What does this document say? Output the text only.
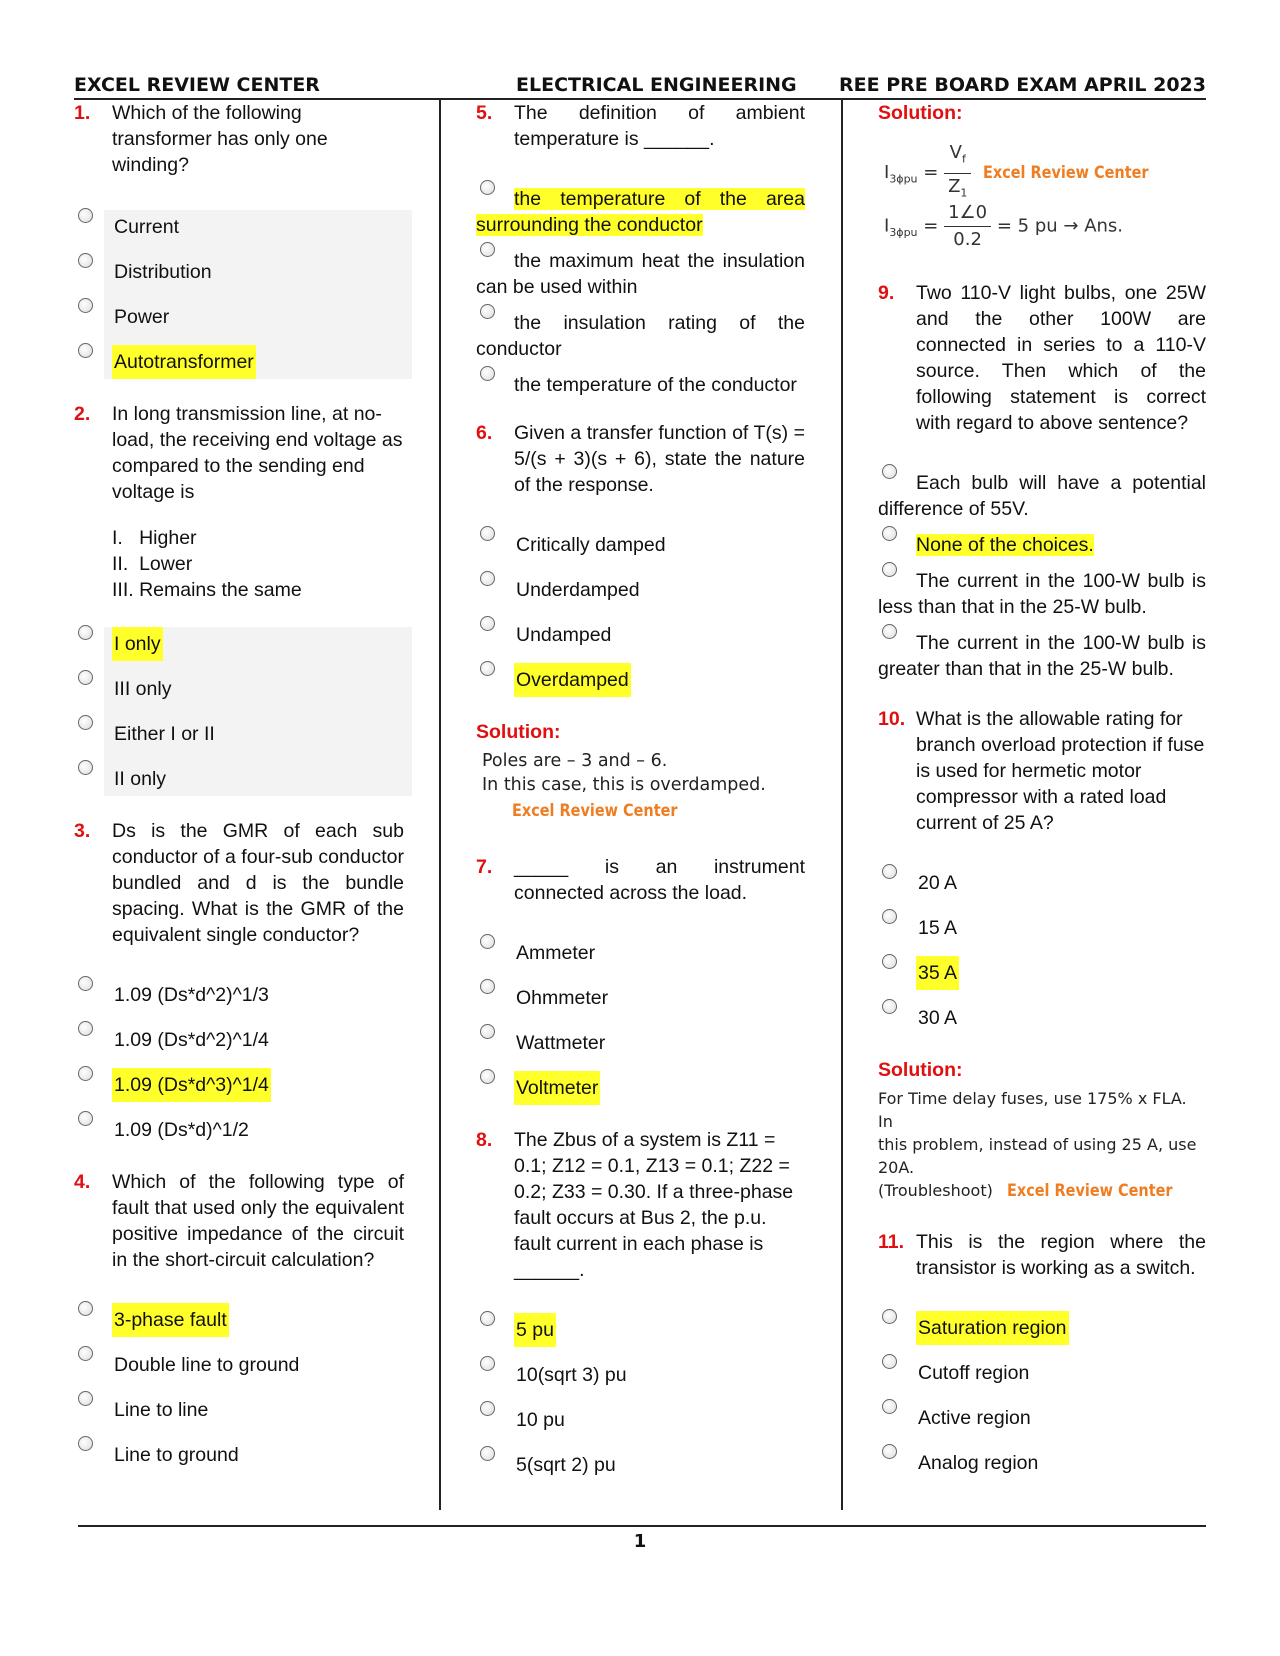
EXCEL REVIEW CENTER	ELECTRICAL ENGINEERING REE PRE BOARD EXAM APRIL 2023
1. Which of the following transformer has only one winding?
Current
Distribution
Power
Autotransformer
2. In long transmission line, at no-load, the receiving end voltage as compared to the sending end voltage is
I.   Higher
II.  Lower
III. Remains the same
I only
III only
Either I or II
II only
3. Ds is the GMR of each sub conductor of a four-sub conductor bundled and d is the bundle spacing. What is the GMR of the equivalent single conductor?
1.09 (Ds*d^2)^1/3
1.09 (Ds*d^2)^1/4
1.09 (Ds*d^3)^1/4
1.09 (Ds*d)^1/2
4. Which of the following type of fault that used only the equivalent positive impedance of the circuit in the short-circuit calculation?
3-phase fault
Double line to ground
Line to line
Line to ground
5. The definition of ambient temperature is ______.
the temperature of the area surrounding the conductor
the maximum heat the insulation can be used within
the insulation rating of the conductor
the temperature of the conductor
6. Given a transfer function of T(s) = 5/(s + 3)(s + 6), state the nature of the response.
Critically damped
Underdamped
Undamped
Overdamped
Solution:
Poles are – 3 and – 6.
In this case, this is overdamped.
Excel Review Center
7. _____ is an instrument connected across the load.
Ammeter
Ohmmeter
Wattmeter
Voltmeter
8. The Zbus of a system is Z11 = 0.1; Z12 = 0.1, Z13 = 0.1; Z22 = 0.2; Z33 = 0.30. If a three-phase fault occurs at Bus 2, the p.u. fault current in each phase is ______.
5 pu
10(sqrt 3) pu
10 pu
5(sqrt 2) pu
Solution:
$I_{3\phi pu} = \frac{V_f}{Z_1}$ Excel Review Center
$I_{3\phi pu} = \frac{1\angle 0}{0.2} = 5$ pu → Ans.
9. Two 110-V light bulbs, one 25W and the other 100W are connected in series to a 110-V source. Then which of the following statement is correct with regard to above sentence?
Each bulb will have a potential difference of 55V.
None of the choices.
The current in the 100-W bulb is less than that in the 25-W bulb.
The current in the 100-W bulb is greater than that in the 25-W bulb.
10. What is the allowable rating for branch overload protection if fuse is used for hermetic motor compressor with a rated load current of 25 A?
20 A
15 A
35 A
30 A
Solution:
For Time delay fuses, use 175% x FLA. In
this problem, instead of using 25 A, use 20A.
(Troubleshoot) Excel Review Center
11. This is the region where the transistor is working as a switch.
Saturation region
Cutoff region
Active region
Analog region
1
